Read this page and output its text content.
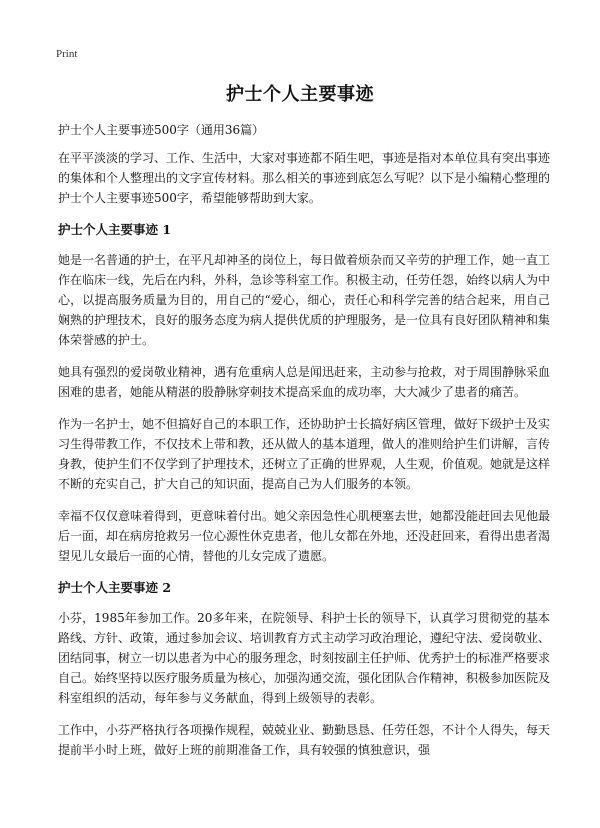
Print
护士个人主要事迹

护士个人主要事迹500字（通用36篇）

在平平淡淡的学习、工作、生活中，大家对事迹都不陌生吧，事迹是指对本单位具有突出事迹的集体和个人整理出的文字宣传材料。那么相关的事迹到底怎么写呢？以下是小编精心整理的护士个人主要事迹500字，希望能够帮助到大家。

护士个人主要事迹 1

她是一名普通的护士，在平凡却神圣的岗位上，每日做着烦杂而又辛劳的护理工作，她一直工作在临床一线，先后在内科，外科，急诊等科室工作。积极主动，任劳任怨，始终以病人为中心，以提高服务质量为目的，用自己的“爱心，细心，责任心和科学完善的结合起来，用自己娴熟的护理技术，良好的服务态度为病人提供优质的护理服务，是一位具有良好团队精神和集体荣誉感的护士。

她具有强烈的爱岗敬业精神，遇有危重病人总是闻迅赶来，主动参与抢救，对于周围静脉采血困难的患者，她能从精湛的股静脉穿刺技术提高采血的成功率，大大减少了患者的痛苦。

作为一名护士，她不但搞好自己的本职工作，还协助护士长搞好病区管理，做好下级护士及实习生得带教工作，不仅技术上带和教，还从做人的基本道理，做人的准则给护生们讲解，言传身教，使护生们不仅学到了护理技术，还树立了正确的世界观，人生观，价值观。她就是这样不断的充实自己，扩大自己的知识面，提高自己为人们服务的本领。

幸福不仅仅意味着得到，更意味着付出。她父亲因急性心肌梗塞去世，她都没能赶回去见他最后一面，却在病房抢救另一位心源性休克患者，他儿女都在外地，还没赶回来，看得出患者渴望见儿女最后一面的心情，替他的儿女完成了遗愿。

护士个人主要事迹 2

小芬，1985年参加工作。20多年来，在院领导、科护士长的领导下，认真学习贯彻党的基本路线、方针、政策，通过参加会议、培训教育方式主动学习政治理论，遵纪守法、爱岗敬业、团结同事，树立一切以患者为中心的服务理念，时刻按副主任护师、优秀护士的标准严格要求自己。始终坚持以医疗服务质量为核心，加强沟通交流，强化团队合作精神，积极参加医院及科室组织的活动，每年参与义务献血，得到上级领导的表彰。

工作中，小芬严格执行各项操作规程，兢兢业业、勤勤恳恳、任劳任怨，不计个人得失，每天提前半小时上班，做好上班的前期准备工作，具有较强的慎独意识，强
